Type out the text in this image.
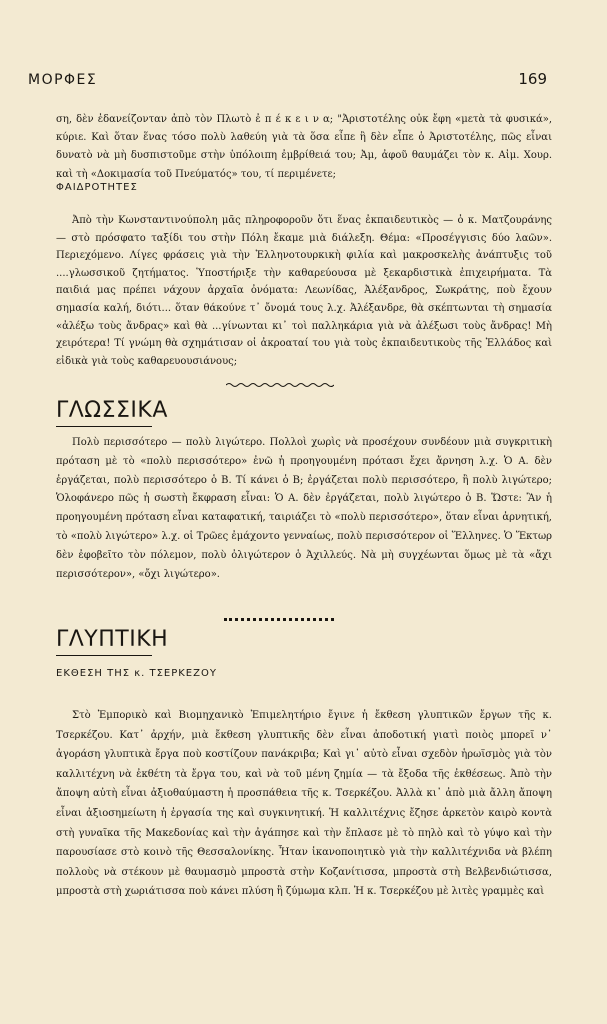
ΜΟΡΦΕΣ	169

ση, δὲν ἐδανείζονταν ἀπὸ τὸν Πλωτὸ ἐ π έ κ ε ι ν α; "Ἀριστοτέλης οὐκ ἔφη «μετὰ τὰ φυσικά», κύριε. Καὶ ὅταν ἕνας τόσο πολὺ λαθεύη γιὰ τὰ ὅσα εἶπε ἢ δὲν εἶπε ὁ Ἀριστοτέλης, πῶς εἶναι δυνατὸ νὰ μὴ δυσπιστοῦμε στὴν ὑπόλοιπη ἐμβρίθειά του; Ἀμ, ἀφοῦ θαυμάζει τὸν κ. Αἰμ. Χουρ. καὶ τὴ «Δοκιμασία τοῦ Πνεύματός» του, τί περιμένετε;

ΦΑΙΔΡΟΤΗΤΕΣ

Ἀπὸ τὴν Κωνσταντινούπολη μᾶς πληροφοροῦν ὅτι ἕνας ἐκπαιδευτικὸς — ὁ κ. Ματζουράνης — στὸ πρόσφατο ταξίδι του στὴν Πόλη ἔκαμε μιὰ διάλεξη. Θέμα: «Προσέγγισις δύο λαῶν». Περιεχόμενο. Λίγες φράσεις γιὰ τὴν Ἑλληνοτουρκικὴ φιλία καὶ μακροσκελὴς ἀνάπτυξις τοῦ ....γλωσσικοῦ ζητήματος. Ὑποστήριξε τὴν καθαρεύουσα μὲ ξεκαρδιστικὰ ἐπιχειρήματα. Τὰ παιδιά μας πρέπει νάχουν ἀρχαῖα ὀνόματα: Λεωνίδας, Ἀλέξανδρος, Σωκράτης, ποὺ ἔχουν σημασία καλή, διότι... ὅταν θάκούνε τ᾽ ὄνομά τους λ.χ. Ἀλέξανδρε, θὰ σκέπτωνται τὴ σημασία «ἀλέξω τοὺς ἄνδρας» καὶ θὰ ...γίνωνται κι᾽ τοὶ παλληκάρια γιὰ νὰ ἀλέξωσι τοὺς ἄνδρας! Μὴ χειρότερα! Τί γνώμη θὰ σχημάτισαν οἱ ἀκροαταί του γιὰ τοὺς ἐκπαιδευτικοὺς τῆς Ἑλλάδος καὶ εἰδικὰ γιὰ τοὺς καθαρευουσιάνους;

ΓΛΩΣΣΙΚΑ

Πολὺ περισσότερο — πολὺ λιγώτερο. Πολλοὶ χωρὶς νὰ προσέχουν συνδέουν μιὰ συγκριτικὴ πρόταση μὲ τὸ «πολὺ περισσότερο» ἐνῶ ἡ προηγουμένη πρότασι ἔχει ἄρνηση λ.χ. Ὁ Α. δὲν ἐργάζεται, πολὺ περισσότερο ὁ Β. Τί κάνει ὁ Β; ἐργάζεται πολὺ περισσότερο, ἢ πολὺ λιγώτερο; Ὁλοφάνερο πῶς ἡ σωστὴ ἔκφραση εἶναι: Ὁ Α. δὲν ἐργάζεται, πολὺ λιγώτερο ὁ Β. Ὥστε: Ἂν ἡ προηγουμένη πρόταση εἶναι καταφατική, ταιριάζει τὸ «πολὺ περισσότερο», ὅταν εἶναι ἀρνητική, τὸ «πολὺ λιγώτερο» λ.χ. οἱ Τρῶες ἐμάχοντο γενναίως, πολὺ περισσότερον οἱ Ἕλληνες. Ὁ Ἕκτωρ δὲν ἐφοβεῖτο τὸν πόλεμον, πολὺ ὀλιγώτερον ὁ Ἀχιλλεύς. Νὰ μὴ συγχέωνται ὅμως μὲ τὰ «ἄχι περισσότερον», «ὄχι λιγώτερο».

ΓΛΥΠΤΙΚΗ

ΕΚΘΕΣΗ ΤΗΣ κ. ΤΣΕΡΚΕΖΟΥ

Στὸ Ἐμπορικὸ καὶ Βιομηχανικὸ Ἐπιμελητήριο ἔγινε ἡ ἔκθεση γλυπτικῶν ἔργων τῆς κ. Τσερκέζου. Κατ᾽ ἀρχήν, μιὰ ἔκθεση γλυπτικῆς δὲν εἶναι ἀποδοτική γιατὶ ποιὸς μπορεῖ ν᾽ ἀγοράση γλυπτικὰ ἔργα ποὺ κοστίζουν πανάκριβα; Καὶ γι᾽ αὐτὸ εἶναι σχεδὸν ἡρωϊσμὸς γιὰ τὸν καλλιτέχνη νὰ ἐκθέτη τὰ ἔργα του, καὶ νὰ τοῦ μένη ζημία — τὰ ἔξοδα τῆς ἐκθέσεως. Ἀπὸ τὴν ἄποψη αὐτὴ εἶναι ἀξιοθαύμαστη ἡ προσπάθεια τῆς κ. Τσερκέζου. Ἀλλὰ κι᾽ ἀπὸ μιὰ ἄλλη ἄποψη εἶναι ἀξιοσημείωτη ἡ ἐργασία της καὶ συγκινητική. Ἡ καλλιτέχνις ἔζησε ἀρκετὸν καιρὸ κοντὰ στὴ γυναῖκα τῆς Μακεδονίας καὶ τὴν ἀγάπησε καὶ τὴν ἔπλασε μὲ τὸ πηλὸ καὶ τὸ γύψο καὶ τὴν παρουσίασε στὸ κοινὸ τῆς Θεσσαλονίκης. Ἦταν ἱκανοποιητικὸ γιὰ τὴν καλλιτέχνιδα νὰ βλέπη πολλοὺς νὰ στέκουν μὲ θαυμασμὸ μπροστὰ στὴν Κοζανίτισσα, μπροστὰ στὴ Βελβενδιώτισσα, μπροστὰ στὴ χωριάτισσα ποὺ κάνει πλύση ἢ ζύμωμα κλπ. Ἡ κ. Τσερκέζου μὲ λιτὲς γραμμὲς καὶ
